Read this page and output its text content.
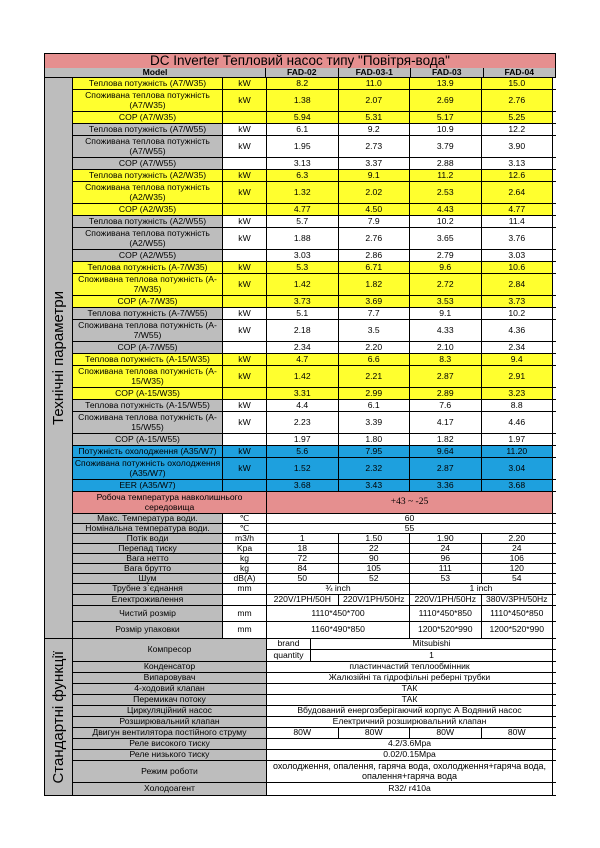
DC Inverter Тепловий насос типу "Повітря-вода"
Model	FAD-02	FAD-03-1	FAD-03	FAD-04
Технічні параметри
Теплова потужність (A7/W35)	kW	8.2	11.0	13.9	15.0
Споживана теплова потужність (A7/W35)	kW	1.38	2.07	2.69	2.76
COP (A7/W35)	5.94	5.31	5.17	5.25
Теплова потужність (A7/W55)	kW	6.1	9.2	10.9	12.2
Споживана теплова потужність (A7/W55)	kW	1.95	2.73	3.79	3.90
COP (A7/W55)	3.13	3.37	2.88	3.13
Теплова потужність (A2/W35)	kW	6.3	9.1	11.2	12.6
Споживана теплова потужність (A2/W35)	kW	1.32	2.02	2.53	2.64
COP (A2/W35)	4.77	4.50	4.43	4.77
Теплова потужність (A2/W55)	kW	5.7	7.9	10.2	11.4
Споживана теплова потужність (A2/W55)	kW	1.88	2.76	3.65	3.76
COP (A2/W55)	3.03	2.86	2.79	3.03
Теплова потужність (A-7/W35)	kW	5.3	6.71	9.6	10.6
Споживана теплова потужність (A-7/W35)	kW	1.42	1.82	2.72	2.84
COP (A-7/W35)	3.73	3.69	3.53	3.73
Теплова потужність (A-7/W55)	kW	5.1	7.7	9.1	10.2
Споживана теплова потужність (A-7/W55)	kW	2.18	3.5	4.33	4.36
COP (A-7/W55)	2.34	2.20	2.10	2.34
Теплова потужність (A-15/W35)	kW	4.7	6.6	8.3	9.4
Споживана теплова потужність (A-15/W35)	kW	1.42	2.21	2.87	2.91
COP (A-15/W35)	3.31	2.99	2.89	3.23
Теплова потужність (A-15/W55)	kW	4.4	6.1	7.6	8.8
Споживана теплова потужність (A-15/W55)	kW	2.23	3.39	4.17	4.46
COP (A-15/W55)	1.97	1.80	1.82	1.97
Потужність охолодження (A35/W7)	kW	5.6	7.95	9.64	11.20
Споживана потужність охолодження (A35/W7)	kW	1.52	2.32	2.87	3.04
EER (A35/W7)	3.68	3.43	3.36	3.68
Робоча температура навколишнього середовища	+43 ~ -25
Макс. Температура води.	℃	60
Номінальна температура води.	℃	55
Потік води	m3/h	1	1.50	1.90	2.20
Перепад тиску	Kpa	18	22	24	24
Вага нетто	kg	72	90	96	106
Вага брутто	kg	84	105	111	120
Шум	dB(A)	50	52	53	54
Трубне з`єднання	mm	¾ inch	1 inch
Електроживлення	220V/1PH/50H	220V/1PH/50Hz	220V/1PH/50Hz	380V/3PH/50Hz
Чистий розмір	mm	1110*450*700	1110*450*850	1110*450*850
Розмір упаковки	mm	1160*490*850	1200*520*990	1200*520*990
Стандартні функції
Компресор
brand	Mitsubishi
quantity	1
Конденсатор	пластинчастий теплообмінник
Випаровувач	Жалюзійні та гідрофільні реберні трубки
4-ходовий клапан	ТАК
Перемикач потоку	ТАК
Циркуляційний насос	Вбудований енергозберігаючий корпус А Водяний насос
Розширювальний клапан	Електричний розширювальний клапан
Двигун вентилятора постійного струму	80W	80W	80W	80W
Реле високого тиску	4.2/3.6Mpa
Реле низького тиску	0.02/0.15Mpa
Режим роботи	охолодження, опалення, гаряча вода, охолодження+гаряча вода, опалення+гаряча вода
Холодоагент	R32/ r410a
